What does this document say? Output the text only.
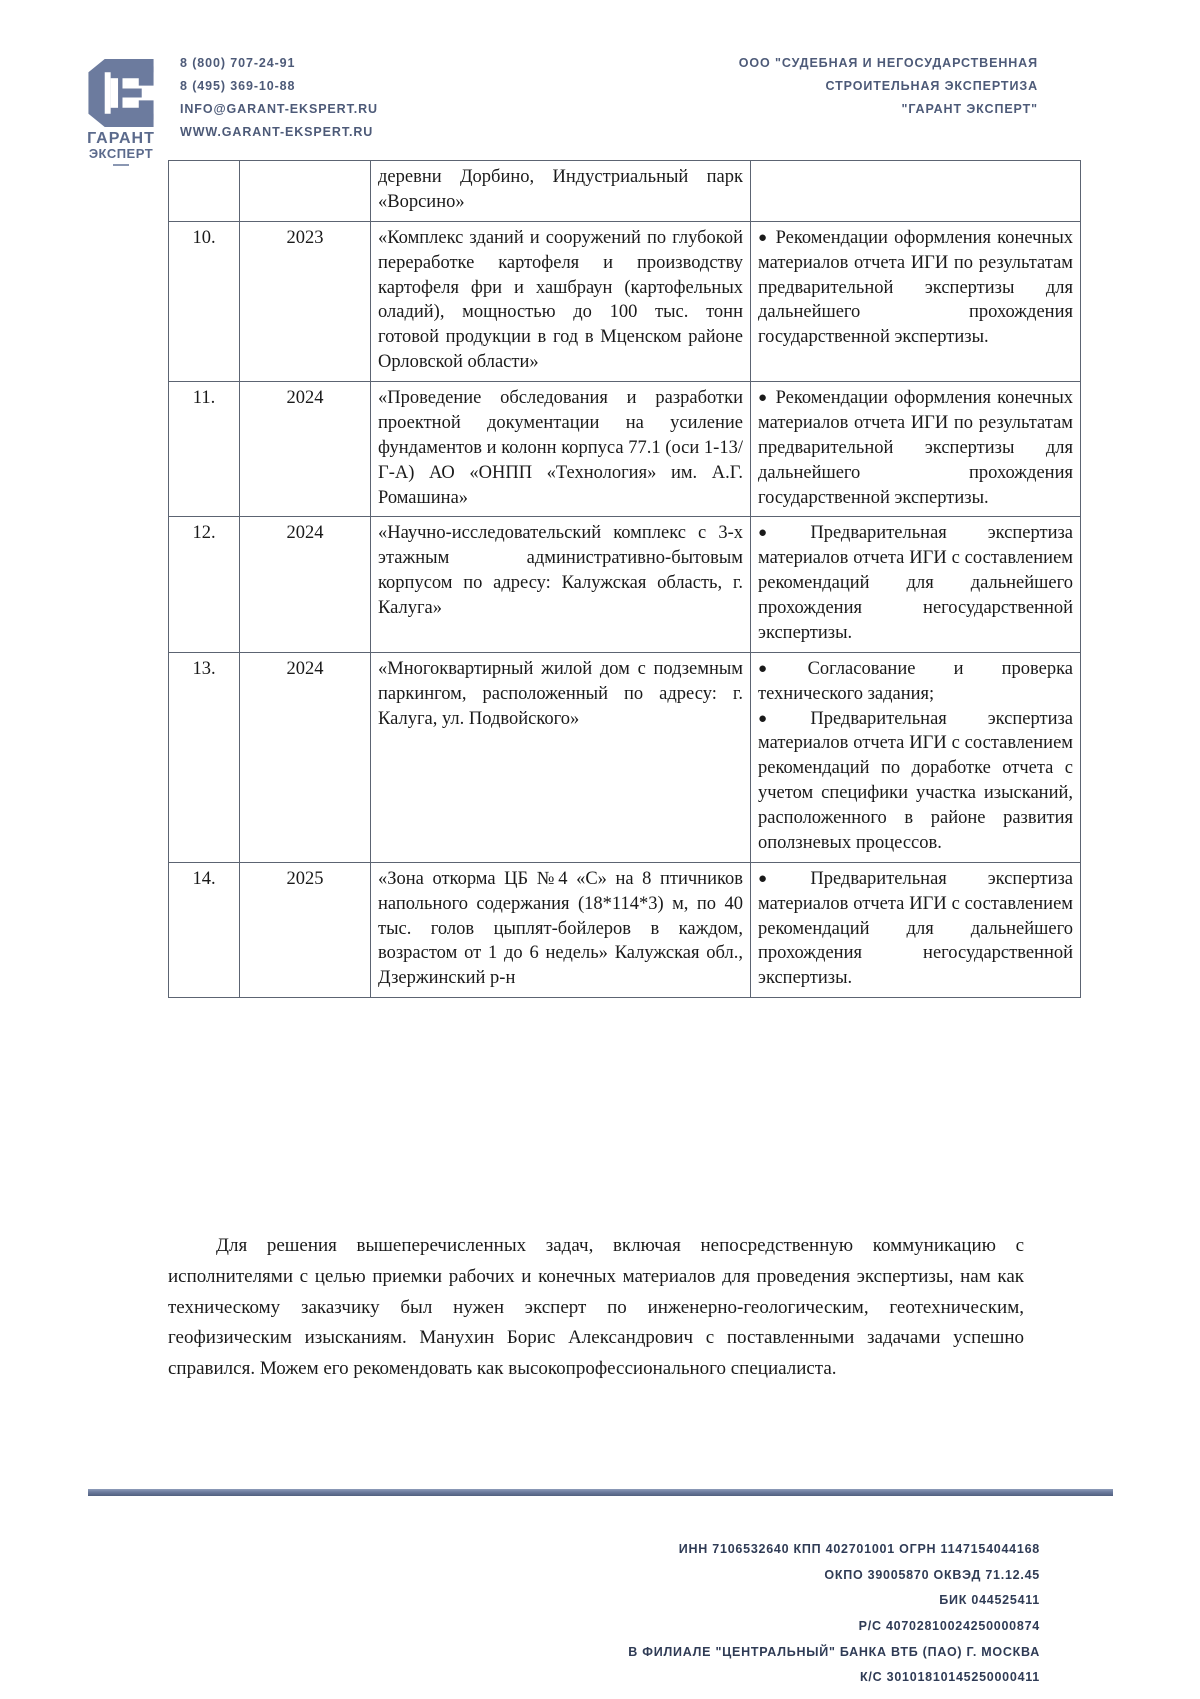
ГАРАНТ
ЭКСПЕРТ
8 (800) 707-24-91
8 (495) 369-10-88
INFO@GARANT-EKSPERT.RU
WWW.GARANT-EKSPERT.RU
ООО "СУДЕБНАЯ И НЕГОСУДАРСТВЕННАЯ
СТРОИТЕЛЬНАЯ ЭКСПЕРТИЗА
"ГАРАНТ ЭКСПЕРТ"
		деревни Дорбино, Индустриальный парк «Ворсино»	
10.	2023	«Комплекс зданий и сооружений по глубокой переработке картофеля и производству картофеля фри и хашбраун (картофельных оладий), мощностью до 100 тыс. тонн готовой продукции в год в Мценском районе Орловской области»	● Рекомендации оформления конечных материалов отчета ИГИ по результатам предварительной экспертизы для дальнейшего прохождения государственной экспертизы.

11.	2024	«Проведение обследования и разработки проектной документации на усиление фундаментов и колонн корпуса 77.1 (оси 1-13/Г-А) АО «ОНПП «Технология» им. А.Г. Ромашина»	● Рекомендации оформления конечных материалов отчета ИГИ по результатам предварительной экспертизы для дальнейшего прохождения государственной экспертизы.

12.	2024	«Научно-исследовательский комплекс с 3-х этажным административно-бытовым корпусом по адресу: Калужская область, г. Калуга»	● Предварительная экспертиза материалов отчета ИГИ с составлением рекомендаций для дальнейшего прохождения негосударственной экспертизы.

13.	2024	«Многоквартирный жилой дом с подземным паркингом, расположенный по адресу: г. Калуга, ул. Подвойского»	● Согласование и проверка технического задания;
● Предварительная экспертиза материалов отчета ИГИ с составлением рекомендаций по доработке отчета с учетом специфики участка изысканий, расположенного в районе развития оползневых процессов.

14.	2025	«Зона откорма ЦБ №4 «С» на 8 птичников напольного содержания (18*114*3) м, по 40 тыс. голов цыплят-бойлеров в каждом, возрастом от 1 до 6 недель» Калужская обл., Дзержинский р-н	● Предварительная экспертиза материалов отчета ИГИ с составлением рекомендаций для дальнейшего прохождения негосударственной экспертизы.
Для решения вышеперечисленных задач, включая непосредственную коммуникацию с исполнителями с целью приемки рабочих и конечных материалов для проведения экспертизы, нам как техническому заказчику был нужен эксперт по инженерно-геологическим, геотехническим, геофизическим изысканиям. Манухин Борис Александрович с поставленными задачами успешно справился. Можем его рекомендовать как высокопрофессионального специалиста.
ИНН 7106532640 КПП 402701001 ОГРН 1147154044168
ОКПО 39005870 ОКВЭД 71.12.45
БИК 044525411
Р/С 40702810024250000874
В ФИЛИАЛЕ "ЦЕНТРАЛЬНЫЙ" БАНКА ВТБ (ПАО) Г. МОСКВА
К/С 30101810145250000411
